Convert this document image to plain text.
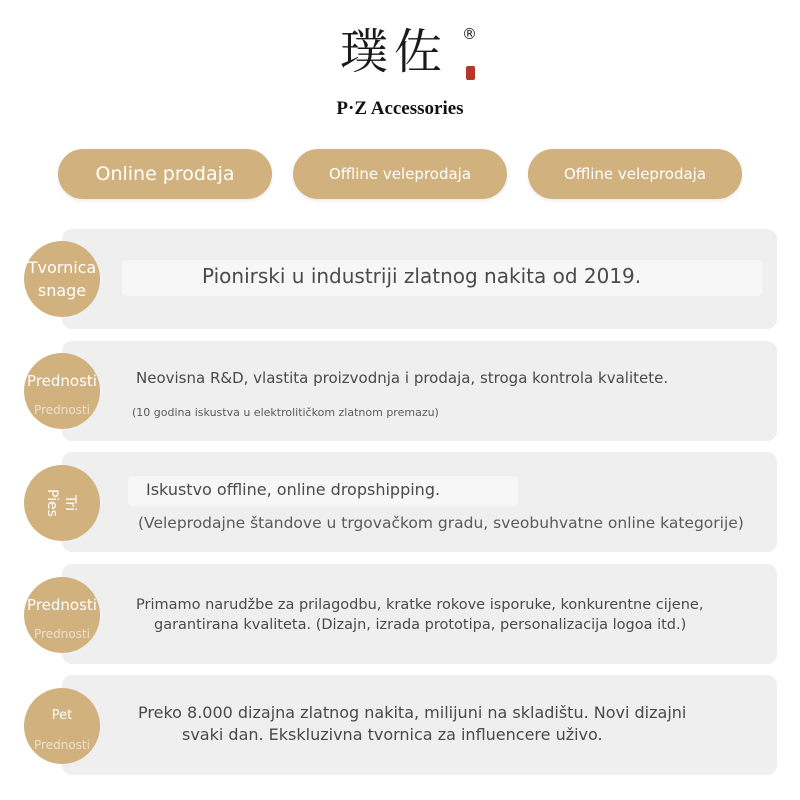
璞佐 ®
P·Z Accessories
Online prodaja	Offline veleprodaja	Offline veleprodaja
Pionirski u industriji zlatnog nakita od 2019.
Tvornica
snage
Neovisna R&D, vlastita proizvodnja i prodaja, stroga kontrola kvalitete.
(10 godina iskustva u elektrolitičkom zlatnom premazu)
Prednosti
Prednosti
Iskustvo offline, online dropshipping.
(Veleprodajne štandove u trgovačkom gradu, sveobuhvatne online kategorije)
Tri
Pies
Primamo narudžbe za prilagodbu, kratke rokove isporuke, konkurentne cijene,
garantirana kvaliteta. (Dizajn, izrada prototipa, personalizacija logoa itd.)
Prednosti
Prednosti
Preko 8.000 dizajna zlatnog nakita, milijuni na skladištu. Novi dizajni
svaki dan. Ekskluzivna tvornica za influencere uživo.
Pet
Prednosti
